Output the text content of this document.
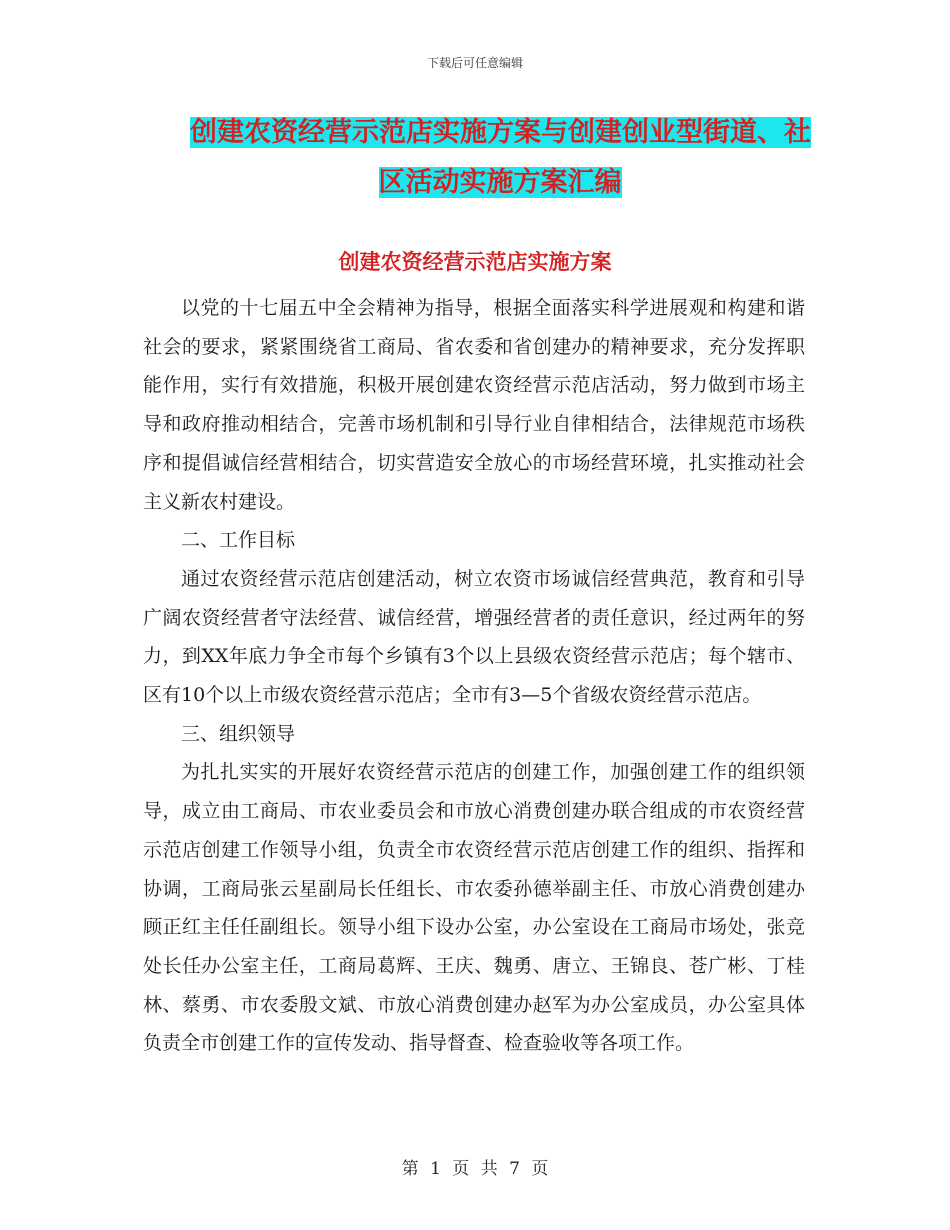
下载后可任意编辑
创建农资经营示范店实施方案与创建创业型街道、社
区活动实施方案汇编
创建农资经营示范店实施方案

以党的十七届五中全会精神为指导，根据全面落实科学进展观和构建和谐社会的要求，紧紧围绕省工商局、省农委和省创建办的精神要求，充分发挥职能作用，实行有效措施，积极开展创建农资经营示范店活动，努力做到市场主导和政府推动相结合，完善市场机制和引导行业自律相结合，法律规范市场秩序和提倡诚信经营相结合，切实营造安全放心的市场经营环境，扎实推动社会主义新农村建设。

二、工作目标

通过农资经营示范店创建活动，树立农资市场诚信经营典范，教育和引导广阔农资经营者守法经营、诚信经营，增强经营者的责任意识，经过两年的努力，到XX年底力争全市每个乡镇有3个以上县级农资经营示范店；每个辖市、区有10个以上市级农资经营示范店；全市有3—5个省级农资经营示范店。

三、组织领导

为扎扎实实的开展好农资经营示范店的创建工作，加强创建工作的组织领导，成立由工商局、市农业委员会和市放心消费创建办联合组成的市农资经营示范店创建工作领导小组，负责全市农资经营示范店创建工作的组织、指挥和协调，工商局张云星副局长任组长、市农委孙德举副主任、市放心消费创建办顾正红主任任副组长。领导小组下设办公室，办公室设在工商局市场处，张竞处长任办公室主任，工商局葛辉、王庆、魏勇、唐立、王锦良、苍广彬、丁桂林、蔡勇、市农委殷文斌、市放心消费创建办赵军为办公室成员，办公室具体负责全市创建工作的宣传发动、指导督查、检查验收等各项工作。

第 1 页 共 7 页
